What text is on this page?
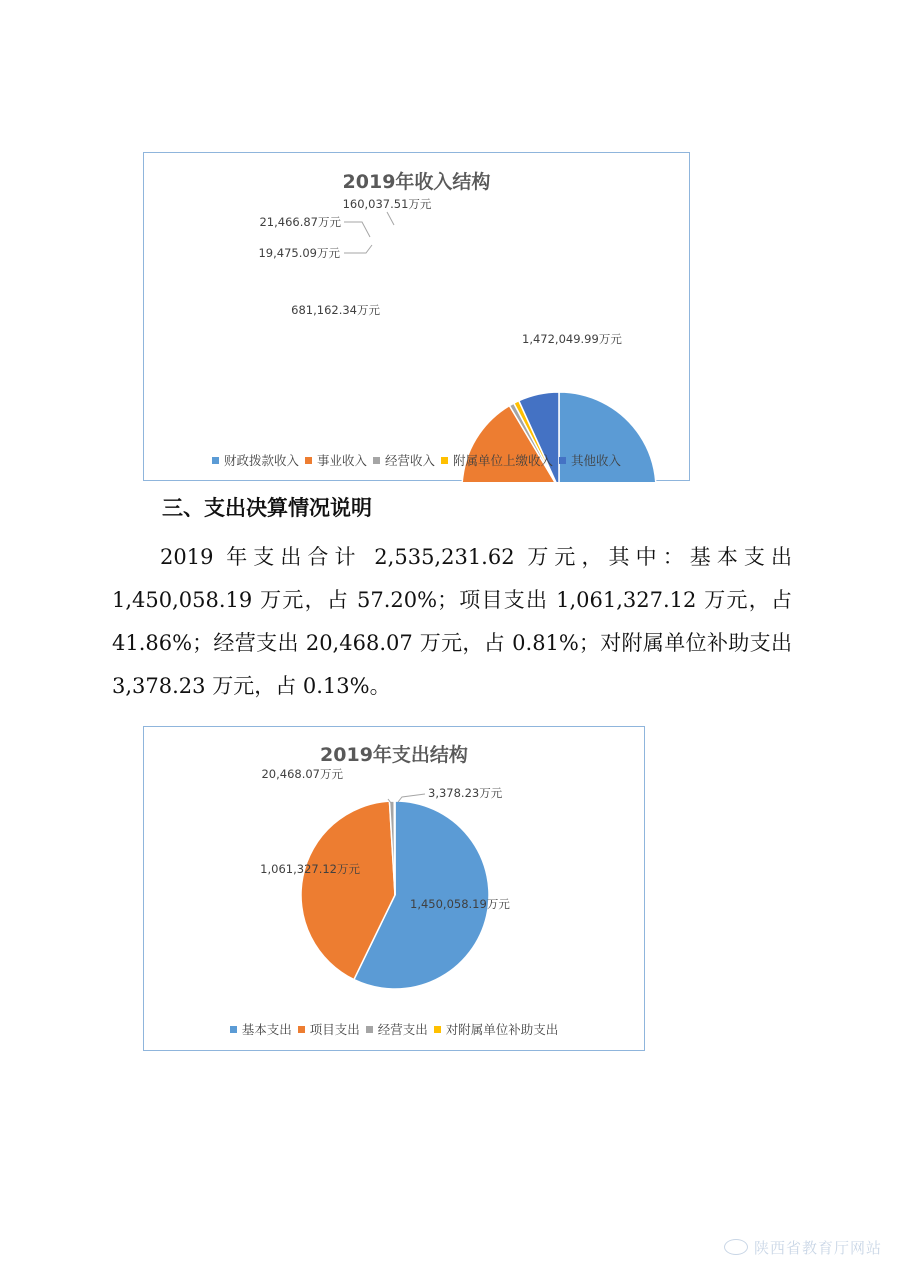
2019年收入结构
1,472,049.99万元
681,162.34万元
19,475.09万元
21,466.87万元
160,037.51万元
财政拨款收入 事业收入 经营收入 附属单位上缴收入 其他收入
三、支出决算情况说明
2019 年支出合计 2,535,231.62 万元，其中：基本支出 1,450,058.19 万元，占 57.20%；项目支出 1,061,327.12 万元，占 41.86%；经营支出 20,468.07 万元，占 0.81%；对附属单位补助支出 3,378.23 万元，占 0.13%。
2019年支出结构
1,450,058.19万元
1,061,327.12万元
20,468.07万元
3,378.23万元
基本支出 项目支出 经营支出 对附属单位补助支出
陕西省教育厅网站
